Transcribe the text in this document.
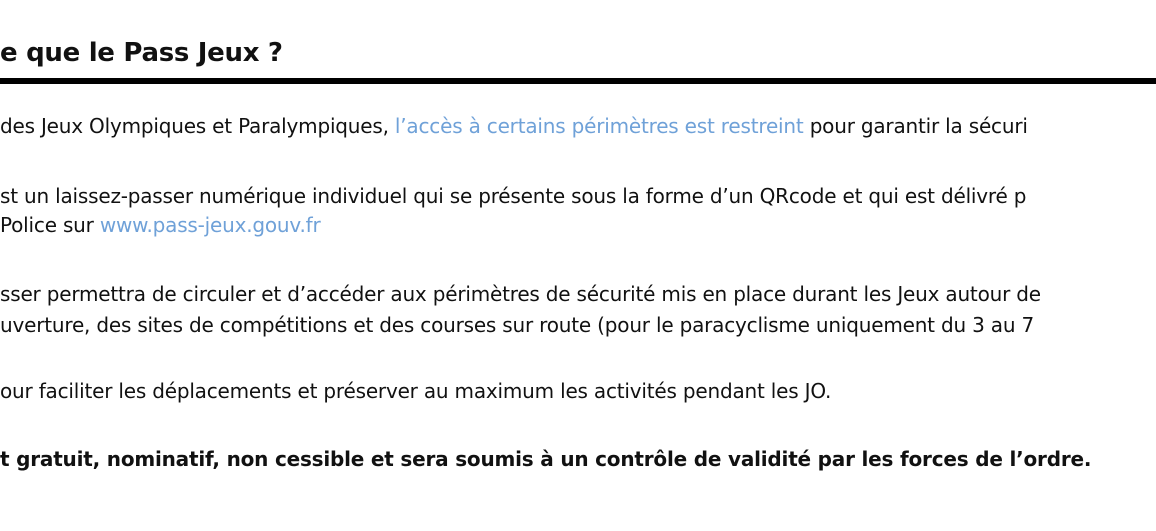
e que le Pass Jeux ?
des Jeux Olympiques et Paralympiques, l’accès à certains périmètres est restreint pour garantir la sécuri
st un laissez-passer numérique individuel qui se présente sous la forme d’un QRcode et qui est délivré p
Police sur www.pass-jeux.gouv.fr
sser permettra de circuler et d’accéder aux périmètres de sécurité mis en place durant les Jeux autour de
uverture, des sites de compétitions et des courses sur route (pour le paracyclisme uniquement du 3 au 7
our faciliter les déplacements et préserver au maximum les activités pendant les JO.
t gratuit, nominatif, non cessible et sera soumis à un contrôle de validité par les forces de l’ordre.
